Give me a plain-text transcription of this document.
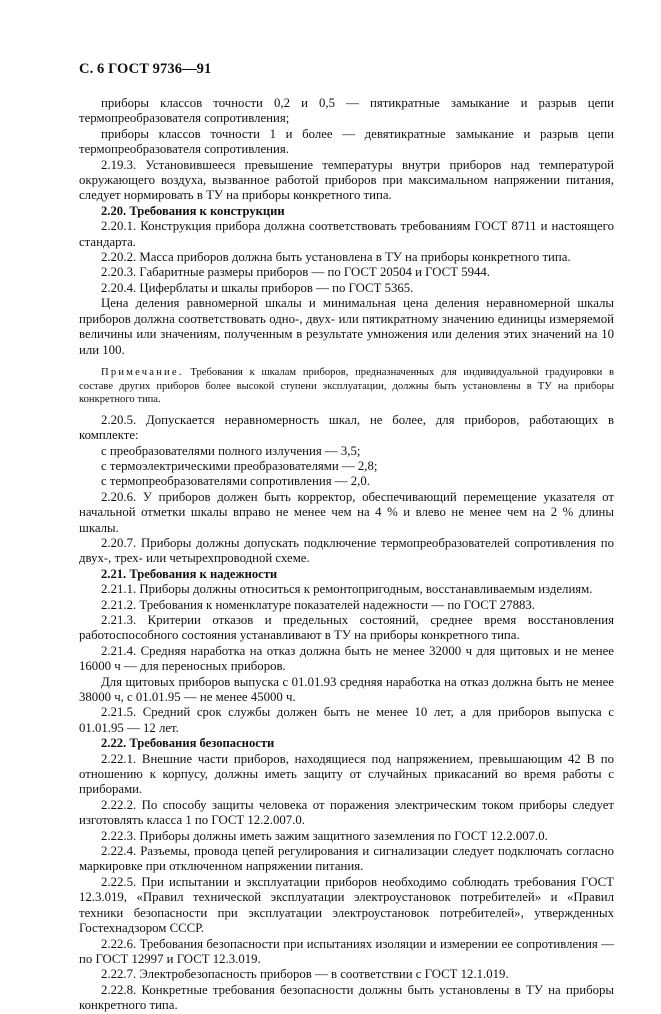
С. 6 ГОСТ 9736—91

приборы классов точности 0,2 и 0,5 — пятикратные замыкание и разрыв цепи термопреобразователя сопротивления;

приборы классов точности 1 и более — девятикратные замыкание и разрыв цепи термопреобразователя сопротивления.

2.19.3. Установившееся превышение температуры внутри приборов над температурой окружающего воздуха, вызванное работой приборов при максимальном напряжении питания, следует нормировать в ТУ на приборы конкретного типа.

2.20. Требования к конструкции

2.20.1. Конструкция прибора должна соответствовать требованиям ГОСТ 8711 и настоящего стандарта.

2.20.2. Масса приборов должна быть установлена в ТУ на приборы конкретного типа.

2.20.3. Габаритные размеры приборов — по ГОСТ 20504 и ГОСТ 5944.

2.20.4. Циферблаты и шкалы приборов — по ГОСТ 5365.

Цена деления равномерной шкалы и минимальная цена деления неравномерной шкалы приборов должна соответствовать одно-, двух- или пятикратному значению единицы измеряемой величины или значениям, полученным в результате умножения или деления этих значений на 10 или 100.

Примечание. Требования к шкалам приборов, предназначенных для индивидуальной градуировки в составе других приборов более высокой ступени эксплуатации, должны быть установлены в ТУ на приборы конкретного типа.

2.20.5. Допускается неравномерность шкал, не более, для приборов, работающих в комплекте:

с преобразователями полного излучения — 3,5;

с термоэлектрическими преобразователями — 2,8;

с термопреобразователями сопротивления — 2,0.

2.20.6. У приборов должен быть корректор, обеспечивающий перемещение указателя от начальной отметки шкалы вправо не менее чем на 4 % и влево не менее чем на 2 % длины шкалы.

2.20.7. Приборы должны допускать подключение термопреобразователей сопротивления по двух-, трех- или четырехпроводной схеме.

2.21. Требования к надежности

2.21.1. Приборы должны относиться к ремонтопригодным, восстанавливаемым изделиям.

2.21.2. Требования к номенклатуре показателей надежности — по ГОСТ 27883.

2.21.3. Критерии отказов и предельных состояний, среднее время восстановления работоспособного состояния устанавливают в ТУ на приборы конкретного типа.

2.21.4. Средняя наработка на отказ должна быть не менее 32000 ч для щитовых и не менее 16000 ч — для переносных приборов.

Для щитовых приборов выпуска с 01.01.93 средняя наработка на отказ должна быть не менее 38000 ч, с 01.01.95 — не менее 45000 ч.

2.21.5. Средний срок службы должен быть не менее 10 лет, а для приборов выпуска с 01.01.95 — 12 лет.

2.22. Требования безопасности

2.22.1. Внешние части приборов, находящиеся под напряжением, превышающим 42 В по отношению к корпусу, должны иметь защиту от случайных прикасаний во время работы с приборами.

2.22.2. По способу защиты человека от поражения электрическим током приборы следует изготовлять класса 1 по ГОСТ 12.2.007.0.

2.22.3. Приборы должны иметь зажим защитного заземления по ГОСТ 12.2.007.0.

2.22.4. Разъемы, провода цепей регулирования и сигнализации следует подключать согласно маркировке при отключенном напряжении питания.

2.22.5. При испытании и эксплуатации приборов необходимо соблюдать требования ГОСТ 12.3.019, «Правил технической эксплуатации электроустановок потребителей» и «Правил техники безопасности при эксплуатации электроустановок потребителей», утвержденных Гостехнадзором СССР.

2.22.6. Требования безопасности при испытаниях изоляции и измерении ее сопротивления — по ГОСТ 12997 и ГОСТ 12.3.019.

2.22.7. Электробезопасность приборов — в соответствии с ГОСТ 12.1.019.

2.22.8. Конкретные требования безопасности должны быть установлены в ТУ на приборы конкретного типа.
